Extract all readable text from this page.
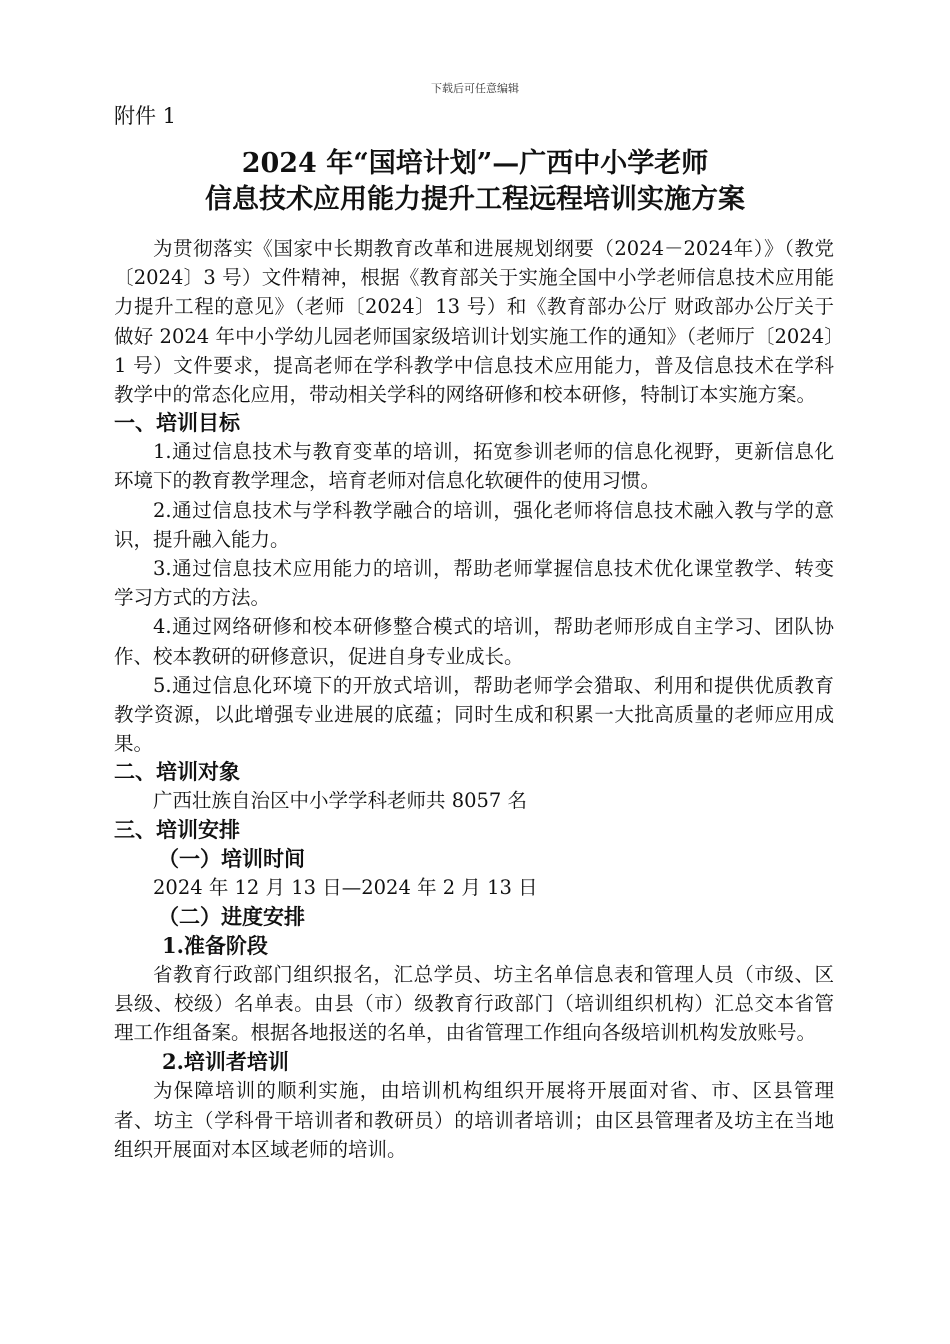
下载后可任意编辑
附件 1
2024 年“国培计划”—广西中小学老师
信息技术应用能力提升工程远程培训实施方案

为贯彻落实《国家中长期教育改革和进展规划纲要（2024－2024年）》（教党〔2024〕3 号）文件精神，根据《教育部关于实施全国中小学老师信息技术应用能力提升工程的意见》（老师〔2024〕13 号）和《教育部办公厅 财政部办公厅关于做好 2024 年中小学幼儿园老师国家级培训计划实施工作的通知》（老师厅〔2024〕1 号）文件要求，提高老师在学科教学中信息技术应用能力，普及信息技术在学科教学中的常态化应用，带动相关学科的网络研修和校本研修，特制订本实施方案。

一、培训目标

1.通过信息技术与教育变革的培训，拓宽参训老师的信息化视野，更新信息化环境下的教育教学理念，培育老师对信息化软硬件的使用习惯。

2.通过信息技术与学科教学融合的培训，强化老师将信息技术融入教与学的意识，提升融入能力。

3.通过信息技术应用能力的培训，帮助老师掌握信息技术优化课堂教学、转变学习方式的方法。

4.通过网络研修和校本研修整合模式的培训，帮助老师形成自主学习、团队协作、校本教研的研修意识，促进自身专业成长。

5.通过信息化环境下的开放式培训，帮助老师学会猎取、利用和提供优质教育教学资源，以此增强专业进展的底蕴；同时生成和积累一大批高质量的老师应用成果。

二、培训对象

广西壮族自治区中小学学科老师共 8057 名

三、培训安排

（一）培训时间

2024 年 12 月 13 日—2024 年 2 月 13 日

（二）进度安排

1.准备阶段

省教育行政部门组织报名，汇总学员、坊主名单信息表和管理人员（市级、区县级、校级）名单表。由县（市）级教育行政部门（培训组织机构）汇总交本省管理工作组备案。根据各地报送的名单，由省管理工作组向各级培训机构发放账号。

2.培训者培训

为保障培训的顺利实施，由培训机构组织开展将开展面对省、市、区县管理者、坊主（学科骨干培训者和教研员）的培训者培训；由区县管理者及坊主在当地组织开展面对本区域老师的培训。
